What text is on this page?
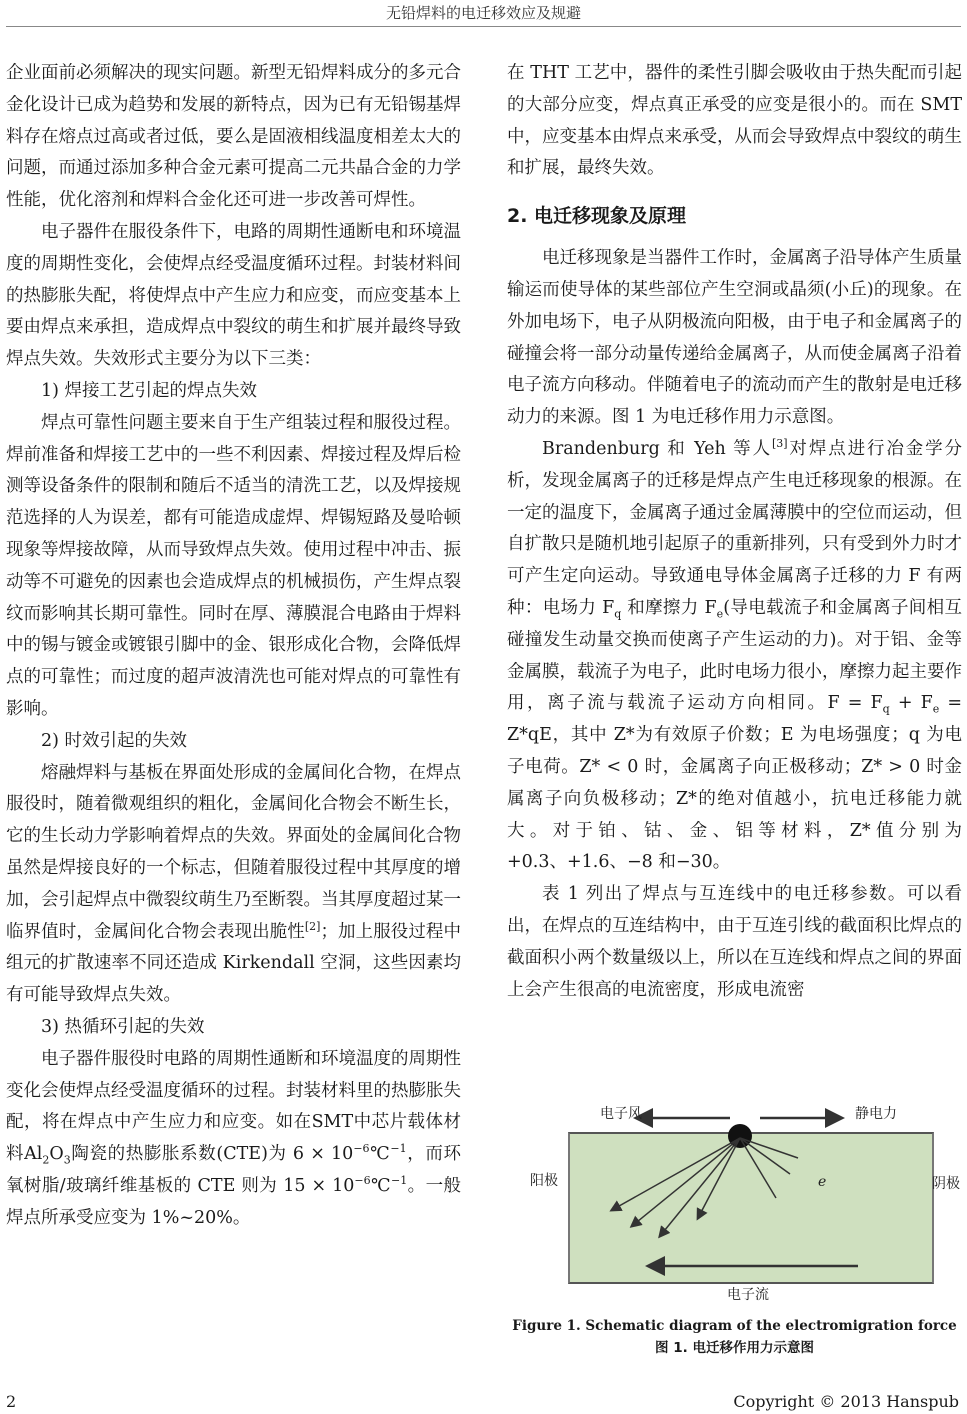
无铅焊料的电迁移效应及规避

企业面前必须解决的现实问题。新型无铅焊料成分的多元合金化设计已成为趋势和发展的新特点，因为已有无铅锡基焊料存在熔点过高或者过低，要么是固液相线温度相差太大的问题，而通过添加多种合金元素可提高二元共晶合金的力学性能，优化溶剂和焊料合金化还可进一步改善可焊性。

电子器件在服役条件下，电路的周期性通断电和环境温度的周期性变化，会使焊点经受温度循环过程。封装材料间的热膨胀失配，将使焊点中产生应力和应变，而应变基本上要由焊点来承担，造成焊点中裂纹的萌生和扩展并最终导致焊点失效。失效形式主要分为以下三类：

1) 焊接工艺引起的焊点失效

焊点可靠性问题主要来自于生产组装过程和服役过程。焊前准备和焊接工艺中的一些不利因素、焊接过程及焊后检测等设备条件的限制和随后不适当的清洗工艺，以及焊接规范选择的人为误差，都有可能造成虚焊、焊锡短路及曼哈顿现象等焊接故障，从而导致焊点失效。使用过程中冲击、振动等不可避免的因素也会造成焊点的机械损伤，产生焊点裂纹而影响其长期可靠性。同时在厚、薄膜混合电路由于焊料中的锡与镀金或镀银引脚中的金、银形成化合物，会降低焊点的可靠性；而过度的超声波清洗也可能对焊点的可靠性有影响。

2) 时效引起的失效

熔融焊料与基板在界面处形成的金属间化合物，在焊点服役时，随着微观组织的粗化，金属间化合物会不断生长，它的生长动力学影响着焊点的失效。界面处的金属间化合物虽然是焊接良好的一个标志，但随着服役过程中其厚度的增加，会引起焊点中微裂纹萌生乃至断裂。当其厚度超过某一临界值时，金属间化合物会表现出脆性[2]；加上服役过程中组元的扩散速率不同还造成 Kirkendall 空洞，这些因素均有可能导致焊点失效。

3) 热循环引起的失效

电子器件服役时电路的周期性通断和环境温度的周期性变化会使焊点经受温度循环的过程。封装材料里的热膨胀失配，将在焊点中产生应力和应变。如在SMT中芯片载体材料$Al_2O_3$陶瓷的热膨胀系数(CTE)为 $6 \times 10^{-6}℃^{-1}$，而环氧树脂/玻璃纤维基板的 CTE 则为 $15 \times 10^{-6}℃^{-1}$。一般焊点所承受应变为 1%~20%。

在 THT 工艺中，器件的柔性引脚会吸收由于热失配而引起的大部分应变，焊点真正承受的应变是很小的。而在 SMT 中，应变基本由焊点来承受，从而会导致焊点中裂纹的萌生和扩展，最终失效。

2. 电迁移现象及原理

电迁移现象是当器件工作时，金属离子沿导体产生质量输运而使导体的某些部位产生空洞或晶须(小丘)的现象。在外加电场下，电子从阴极流向阳极，由于电子和金属离子的碰撞会将一部分动量传递给金属离子，从而使金属离子沿着电子流方向移动。伴随着电子的流动而产生的散射是电迁移动力的来源。图 1 为电迁移作用力示意图。

Brandenburg 和 Yeh 等人[3]对焊点进行冶金学分析，发现金属离子的迁移是焊点产生电迁移现象的根源。在一定的温度下，金属离子通过金属薄膜中的空位而运动，但自扩散只是随机地引起原子的重新排列，只有受到外力时才可产生定向运动。导致通电导体金属离子迁移的力 F 有两种：电场力 $F_q$ 和摩擦力 $F_e$(导电载流子和金属离子间相互碰撞发生动量交换而使离子产生运动的力)。对于铝、金等金属膜，载流子为电子，此时电场力很小，摩擦力起主要作用，离子流与载流子运动方向相同。$F = F_q + F_e = Z*qE$，其中 Z*为有效原子价数；E 为电场强度；q 为电子电荷。Z* < 0 时，金属离子向正极移动；Z* > 0 时金属离子向负极移动；Z*的绝对值越小，抗电迁移能力就大。对于铂、钴、金、铝等材料，Z*值分别为+0.3、+1.6、−8 和−30。

表 1 列出了焊点与互连线中的电迁移参数。可以看出，在焊点的互连结构中，由于互连引线的截面积比焊点的截面积小两个数量级以上，所以在互连线和焊点之间的界面上会产生很高的电流密度，形成电流密

电子风	静电力
阳极	阴极
e
电子流
Figure 1. Schematic diagram of the electromigration force
图 1. 电迁移作用力示意图
2	Copyright © 2013 Hanspub
